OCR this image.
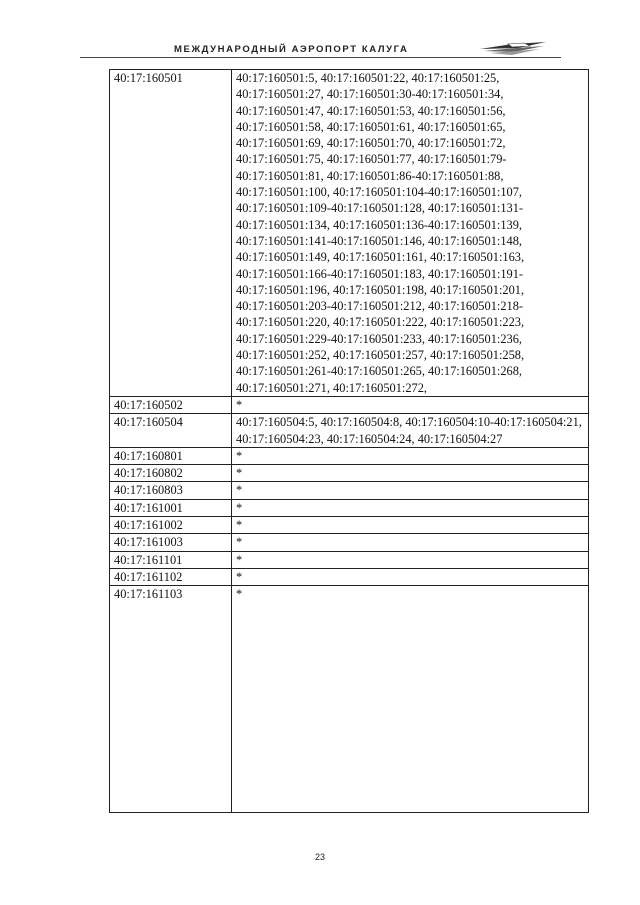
МЕЖДУНАРОДНЫЙ АЭРОПОРТ КАЛУГА
40:17:160501	40:17:160501:5, 40:17:160501:22, 40:17:160501:25, 40:17:160501:27, 40:17:160501:30-40:17:160501:34, 40:17:160501:47, 40:17:160501:53, 40:17:160501:56, 40:17:160501:58, 40:17:160501:61, 40:17:160501:65, 40:17:160501:69, 40:17:160501:70, 40:17:160501:72, 40:17:160501:75, 40:17:160501:77, 40:17:160501:79-40:17:160501:81, 40:17:160501:86-40:17:160501:88, 40:17:160501:100, 40:17:160501:104-40:17:160501:107, 40:17:160501:109-40:17:160501:128, 40:17:160501:131-40:17:160501:134, 40:17:160501:136-40:17:160501:139, 40:17:160501:141-40:17:160501:146, 40:17:160501:148, 40:17:160501:149, 40:17:160501:161, 40:17:160501:163, 40:17:160501:166-40:17:160501:183, 40:17:160501:191-40:17:160501:196, 40:17:160501:198, 40:17:160501:201, 40:17:160501:203-40:17:160501:212, 40:17:160501:218-40:17:160501:220, 40:17:160501:222, 40:17:160501:223, 40:17:160501:229-40:17:160501:233, 40:17:160501:236, 40:17:160501:252, 40:17:160501:257, 40:17:160501:258, 40:17:160501:261-40:17:160501:265, 40:17:160501:268, 40:17:160501:271, 40:17:160501:272,
40:17:160502	*
40:17:160504	40:17:160504:5, 40:17:160504:8, 40:17:160504:10-40:17:160504:21, 40:17:160504:23, 40:17:160504:24, 40:17:160504:27
40:17:160801	*
40:17:160802	*
40:17:160803	*
40:17:161001	*
40:17:161002	*
40:17:161003	*
40:17:161101	*
40:17:161102	*
40:17:161103	*
23
